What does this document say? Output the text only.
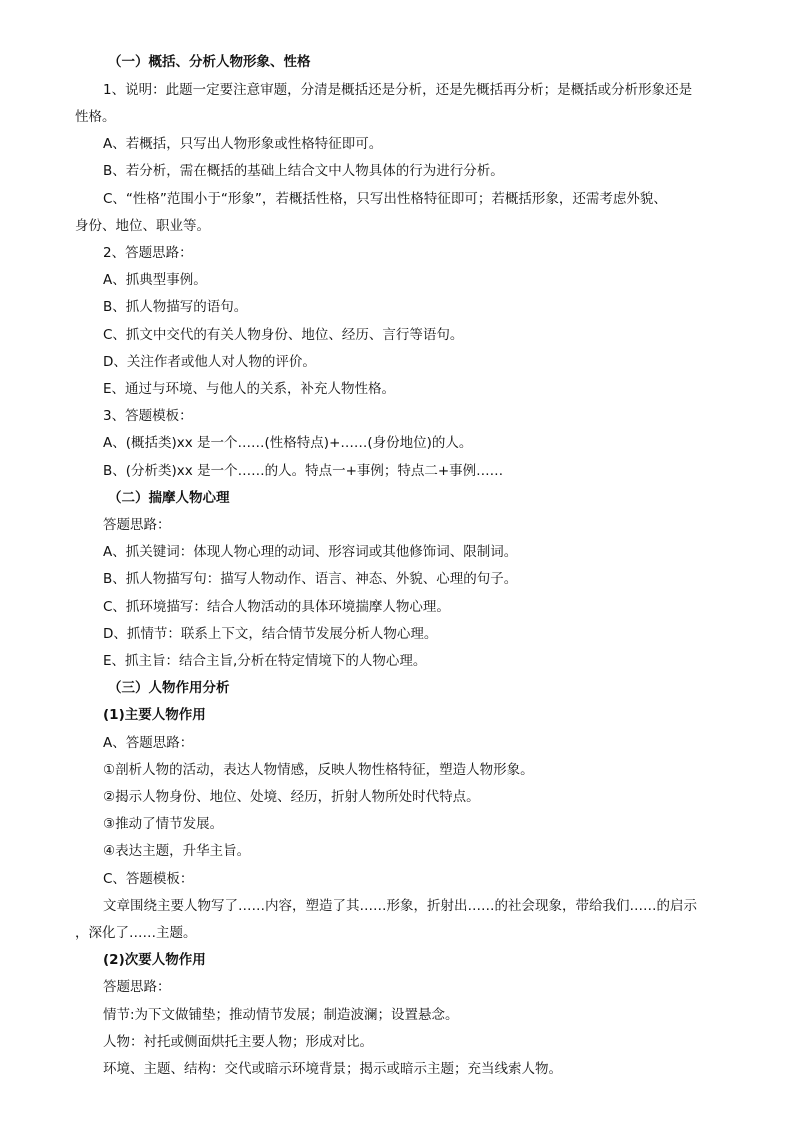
（一）概括、分析人物形象、性格
1、说明：此题一定要注意审题，分清是概括还是分析，还是先概括再分析；是概括或分析形象还是
性格。
A、若概括，只写出人物形象或性格特征即可。
B、若分析，需在概括的基础上结合文中人物具体的行为进行分析。
C、“性格”范围小于“形象”，若概括性格，只写出性格特征即可；若概括形象，还需考虑外貌、
身份、地位、职业等。
2、答题思路：
A、抓典型事例。
B、抓人物描写的语句。
C、抓文中交代的有关人物身份、地位、经历、言行等语句。
D、关注作者或他人对人物的评价。
E、通过与环境、与他人的关系，补充人物性格。
3、答题模板：
A、(概括类)xx 是一个……(性格特点)+……(身份地位)的人。
B、(分析类)xx 是一个……的人。特点一+事例；特点二+事例……
（二）揣摩人物心理
答题思路：
A、抓关键词：体现人物心理的动词、形容词或其他修饰词、限制词。
B、抓人物描写句：描写人物动作、语言、神态、外貌、心理的句子。
C、抓环境描写：结合人物活动的具体环境揣摩人物心理。
D、抓情节：联系上下文，结合情节发展分析人物心理。
E、抓主旨：结合主旨,分析在特定情境下的人物心理。
（三）人物作用分析
(1)主要人物作用
A、答题思路：
①剖析人物的活动，表达人物情感，反映人物性格特征，塑造人物形象。
②揭示人物身份、地位、处境、经历，折射人物所处时代特点。
③推动了情节发展。
④表达主题，升华主旨。
C、答题模板：
文章围绕主要人物写了……内容，塑造了其……形象，折射出……的社会现象，带给我们……的启示
，深化了……主题。
(2)次要人物作用
答题思路：
情节:为下文做铺垫；推动情节发展；制造波澜；设置悬念。
人物：衬托或侧面烘托主要人物；形成对比。
环境、主题、结构：交代或暗示环境背景；揭示或暗示主题；充当线索人物。
